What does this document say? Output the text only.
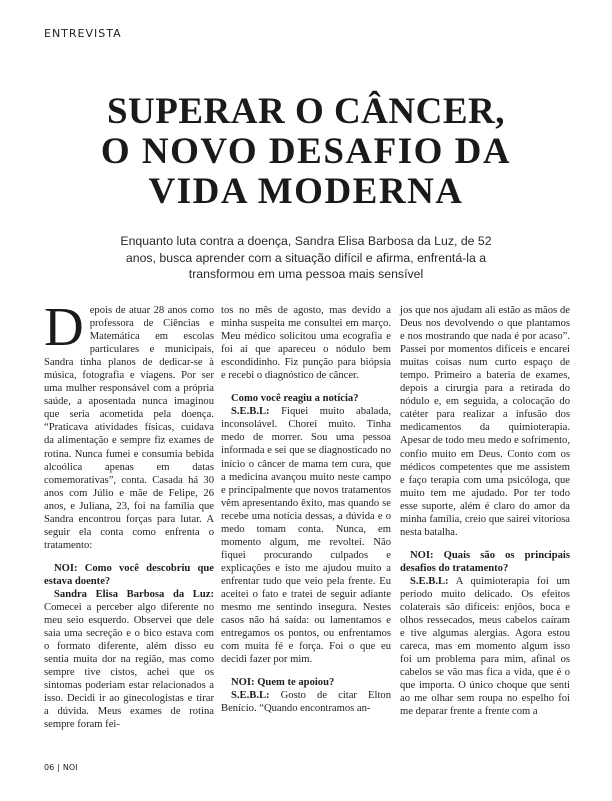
ENTREVISTA
SUPERAR O CÂNCER,
O NOVO DESAFIO DA
VIDA MODERNA
Enquanto luta contra a doença, Sandra Elisa Barbosa da Luz, de 52 anos, busca aprender com a situação difícil e afirma, enfrentá-la a transformou em uma pessoa mais sensível

Depois de atuar 28 anos como professora de Ciências e Matemática em escolas particulares e municipais, Sandra tinha planos de dedicar-se à música, fotografia e viagens. Por ser uma mulher responsável com a própria saúde, a aposentada nunca imaginou que seria acometida pela doença. “Praticava atividades físicas, cuidava da alimentação e sempre fiz exames de rotina. Nunca fumei e consumia bebida alcoólica apenas em datas comemorativas”, conta. Casada há 30 anos com Júlio e mãe de Felipe, 26 anos, e Juliana, 23, foi na família que Sandra encontrou forças para lutar. A seguir ela conta como enfrenta o tratamento:

NOI: Como você descobriu que estava doente?

Sandra Elisa Barbosa da Luz: Comecei a perceber algo diferente no meu seio esquerdo. Observei que dele saia uma secreção e o bico estava com o formato diferente, além disso eu sentia muita dor na região, mas como sempre tive cistos, achei que os sintomas poderiam estar relacionados a isso. Decidi ir ao ginecologistas e tirar a dúvida. Meus exames de rotina sempre foram fei-

tos no mês de agosto, mas devido a minha suspeita me consultei em março. Meu médico solicitou uma ecografia e foi aí que apareceu o nódulo bem escondidinho. Fiz punção para biópsia e recebi o diagnóstico de câncer.

Como você reagiu a notícia?

S.E.B.L: Fiquei muito abalada, inconsolável. Chorei muito. Tinha medo de morrer. Sou uma pessoa informada e sei que se diagnosticado no início o câncer de mama tem cura, que a medicina avançou muito neste campo e principalmente que novos tratamentos vêm apresentando êxito, mas quando se recebe uma notícia dessas, a dúvida e o medo tomam conta. Nunca, em momento algum, me revoltei. Não fiquei procurando culpados e explicações e isto me ajudou muito a enfrentar tudo que veio pela frente. Eu aceitei o fato e tratei de seguir adiante mesmo me sentindo insegura. Nestes casos não há saída: ou lamentamos e entregamos os pontos, ou enfrentamos com muita fé e força. Foi o que eu decidi fazer por mim.

NOI: Quem te apoiou?

S.E.B.L: Gosto de citar Elton Benício. “Quando encontramos an-

jos que nos ajudam ali estão as mãos de Deus nos devolvendo o que plantamos e nos mostrando que nada é por acaso”. Passei por momentos difíceis e encarei muitas coisas num curto espaço de tempo. Primeiro a bateria de exames, depois a cirurgia para a retirada do nódulo e, em seguida, a colocação do catéter para realizar a infusão dos medicamentos da quimioterapia. Apesar de todo meu medo e sofrimento, confio muito em Deus. Conto com os médicos competentes que me assistem e faço terapia com uma psicóloga, que muito tem me ajudado. Por ter todo esse suporte, além é claro do amor da minha família, creio que sairei vitoriosa nesta batalha.

NOI: Quais são os principais desafios do tratamento?

S.E.B.L: A quimioterapia foi um período muito delicado. Os efeitos colaterais são difíceis: enjôos, boca e olhos ressecados, meus cabelos caíram e tive algumas alergias. Agora estou careca, mas em momento algum isso foi um problema para mim, afinal os cabelos se vão mas fica a vida, que é o que importa. O único choque que senti ao me olhar sem roupa no espelho foi me deparar frente a frente com a

06 | NOI
